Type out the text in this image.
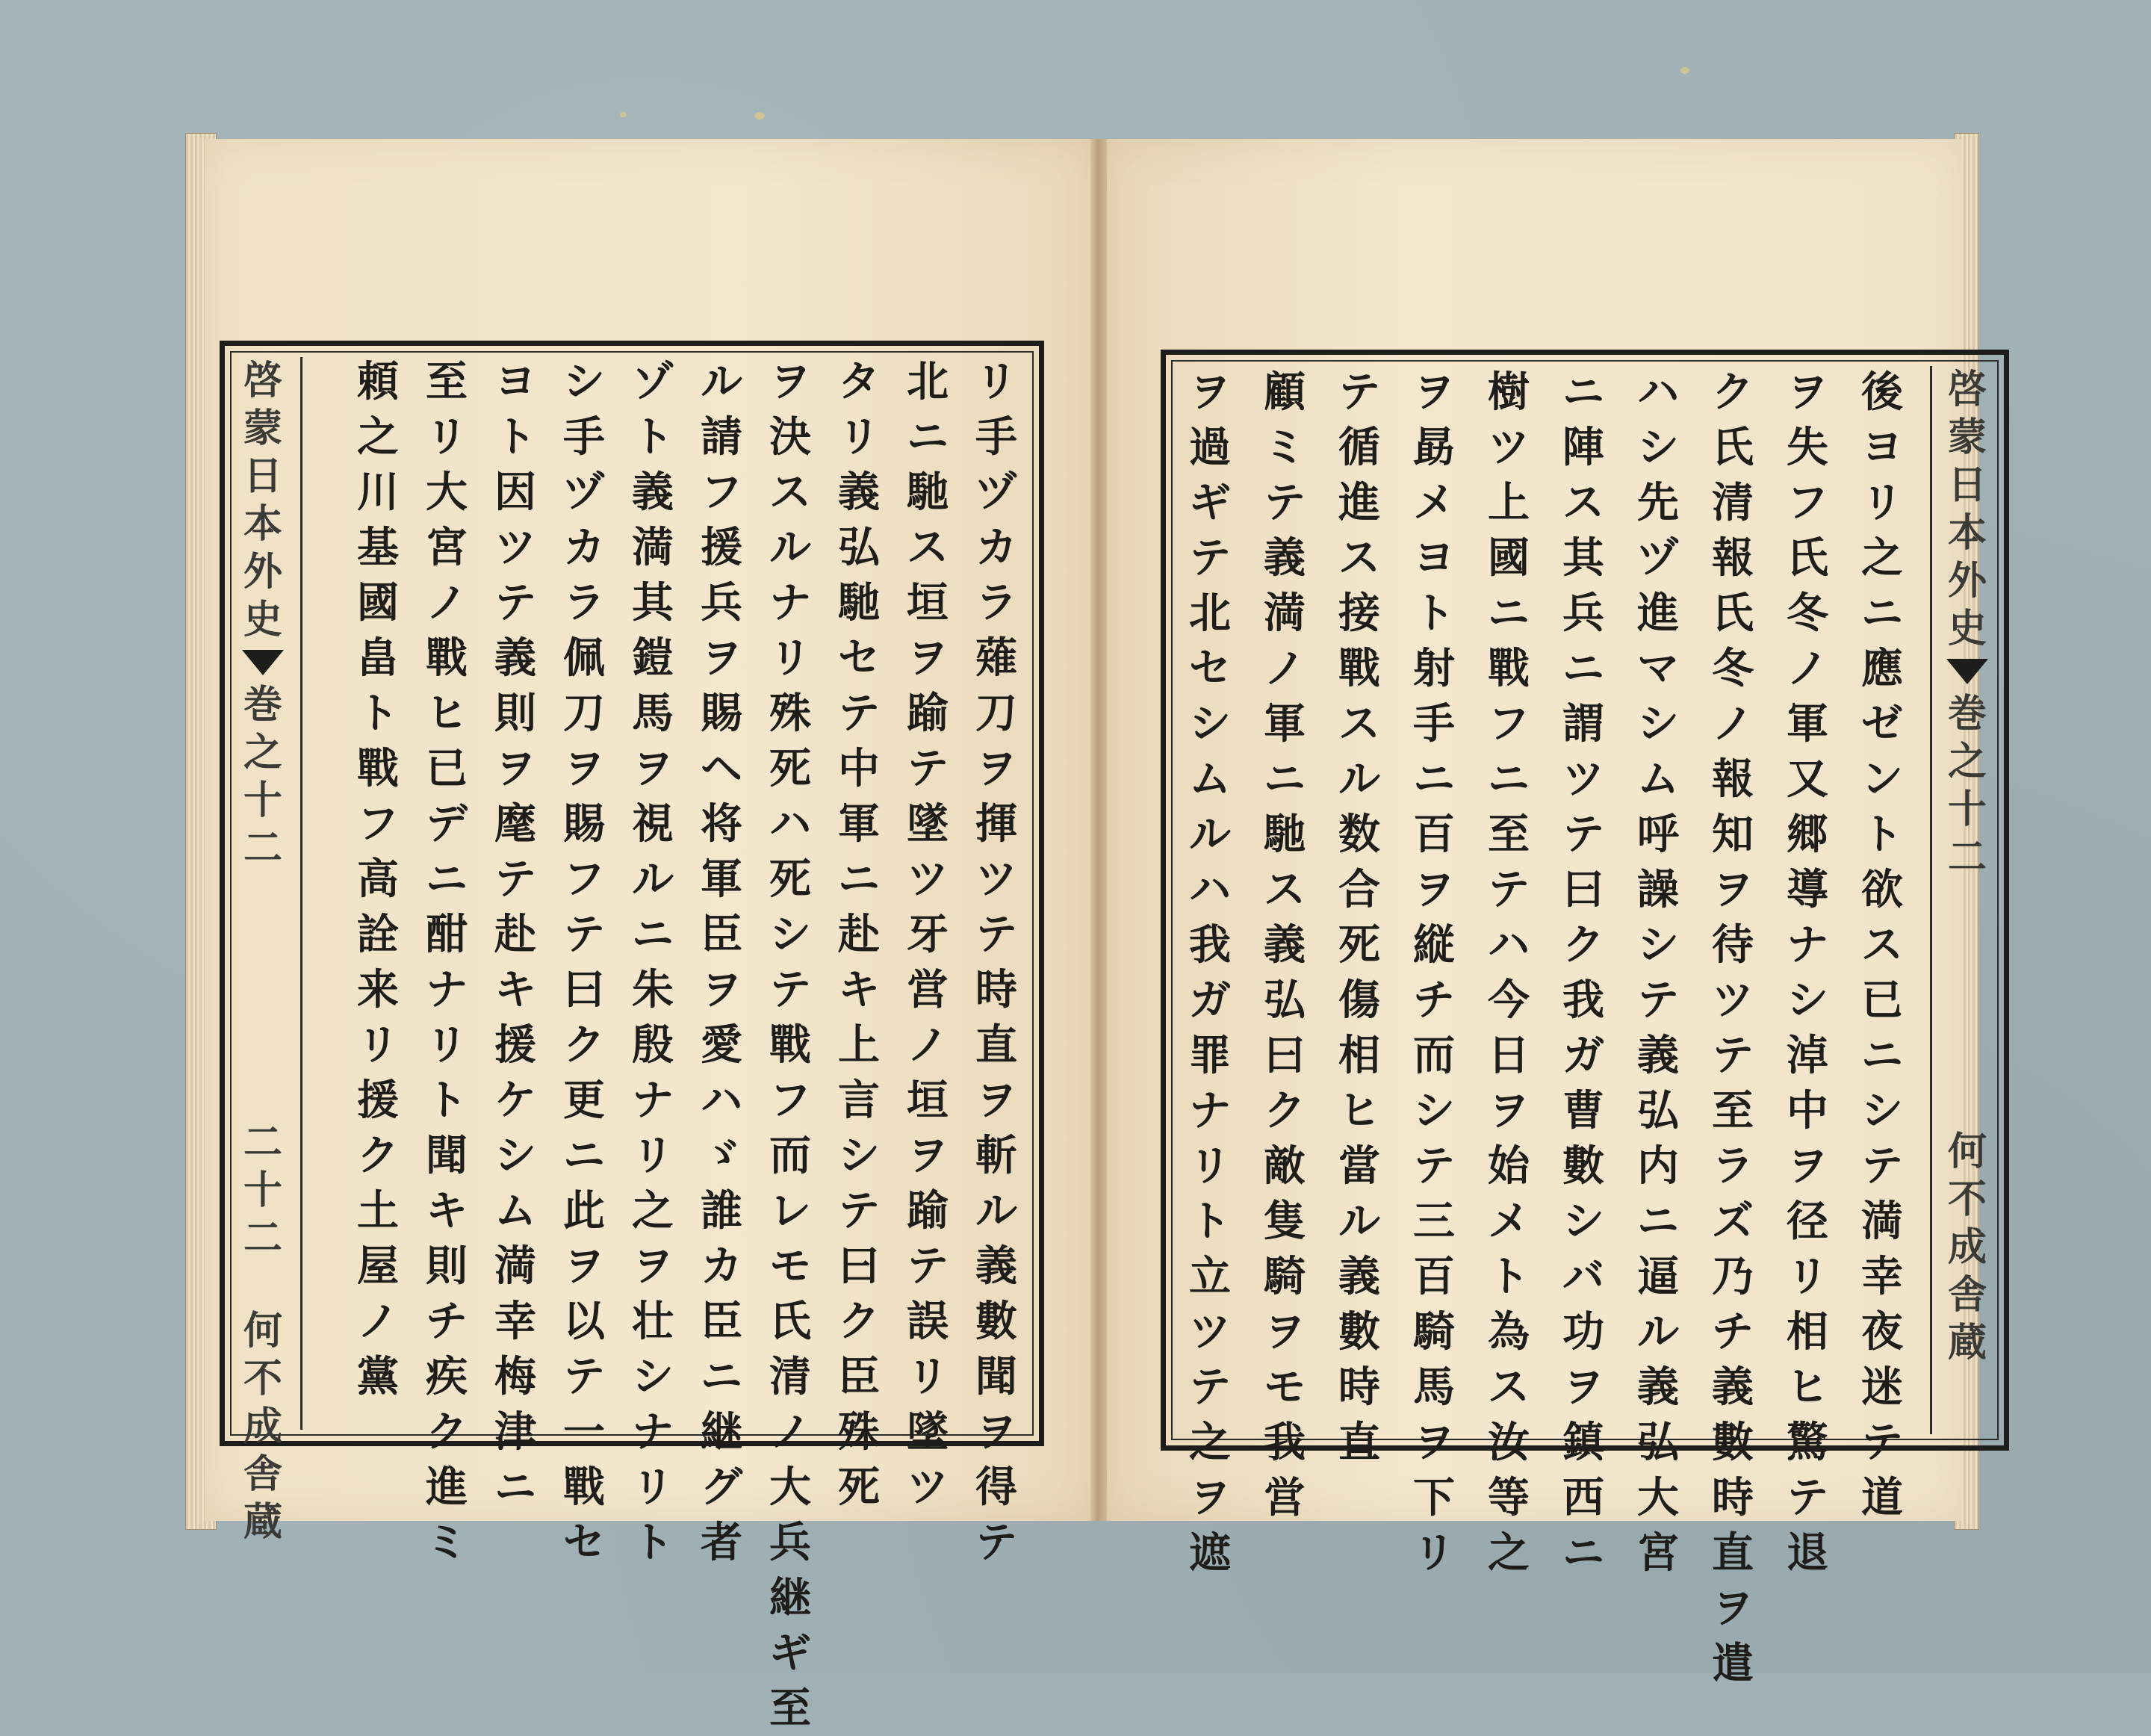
啓
蒙
日
本
外
史
巻
之
十
二
二
十
二
何
不
成
舎
蔵
リ
手
ヅ
カ
ラ
薙
刀
ヲ
揮
ツ
テ
時
直
ヲ
斬
ル
義
數
聞
ヲ
得
テ
北
ニ
馳
ス
垣
ヲ
踰
テ
墜
ツ
牙
営
ノ
垣
ヲ
踰
テ
誤
リ
墜
ツ
タ
リ
義
弘
馳
セ
テ
中
軍
ニ
赴
キ
上
言
シ
テ
曰
ク
臣
殊
死
ヲ
決
ス
ル
ナ
リ
殊
死
ハ
死
シ
テ
戰
フ
而
レ
モ
氏
清
ノ
大
兵
継
ギ
至
ル
請
フ
援
兵
ヲ
賜
ヘ
将
軍
臣
ヲ
愛
ハ
ゞ
誰
カ
臣
ニ
継
グ
者
ゾ
ト
義
満
其
鎧
馬
ヲ
視
ル
ニ
朱
殷
ナ
リ
之
ヲ
壮
シ
ナ
リ
ト
シ
手
ヅ
カ
ラ
佩
刀
ヲ
賜
フ
テ
曰
ク
更
ニ
此
ヲ
以
テ
一
戰
セ
ヨ
ト
因
ツ
テ
義
則
ヲ
麾
テ
赴
キ
援
ケ
シ
ム
満
幸
梅
津
ニ
至
リ
大
宮
ノ
戰
ヒ
已
デ
ニ
酣
ナ
リ
ト
聞
キ
則
チ
疾
ク
進
ミ
頼
之
川
基
國
畠
ト
戰
フ
高
詮
来
リ
援
ク
土
屋
ノ
黨
啓
蒙
日
本
外
史
巻
之
十
二
何
不
成
舎
蔵
後
ヨ
リ
之
ニ
應
ゼ
ン
ト
欲
ス
已
ニ
シ
テ
満
幸
夜
迷
テ
道
ヲ
失
フ
氏
冬
ノ
軍
又
郷
導
ナ
シ
淖
中
ヲ
径
リ
相
ヒ
驚
テ
退
ク
氏
清
報
氏
冬
ノ
報
知
ヲ
待
ツ
テ
至
ラ
ズ
乃
チ
義
數
時
直
ヲ
遣
ハ
シ
先
ヅ
進
マ
シ
ム
呼
譟
シ
テ
義
弘
内
ニ
逼
ル
義
弘
大
宮
ニ
陣
ス
其
兵
ニ
謂
ツ
テ
曰
ク
我
ガ
曹
數
シ
バ
功
ヲ
鎮
西
ニ
樹
ツ
上
國
ニ
戰
フ
ニ
至
テ
ハ
今
日
ヲ
始
メ
ト
為
ス
汝
等
之
ヲ
勗
メ
ヨ
ト
射
手
ニ
百
ヲ
縦
チ
而
シ
テ
三
百
騎
馬
ヲ
下
リ
テ
循
進
ス
接
戰
ス
ル
数
合
死
傷
相
ヒ
當
ル
義
數
時
直
顧
ミ
テ
義
満
ノ
軍
ニ
馳
ス
義
弘
曰
ク
敵
隻
騎
ヲ
モ
我
営
ヲ
過
ギ
テ
北
セ
シ
ム
ル
ハ
我
ガ
罪
ナ
リ
ト
立
ツ
テ
之
ヲ
遮
